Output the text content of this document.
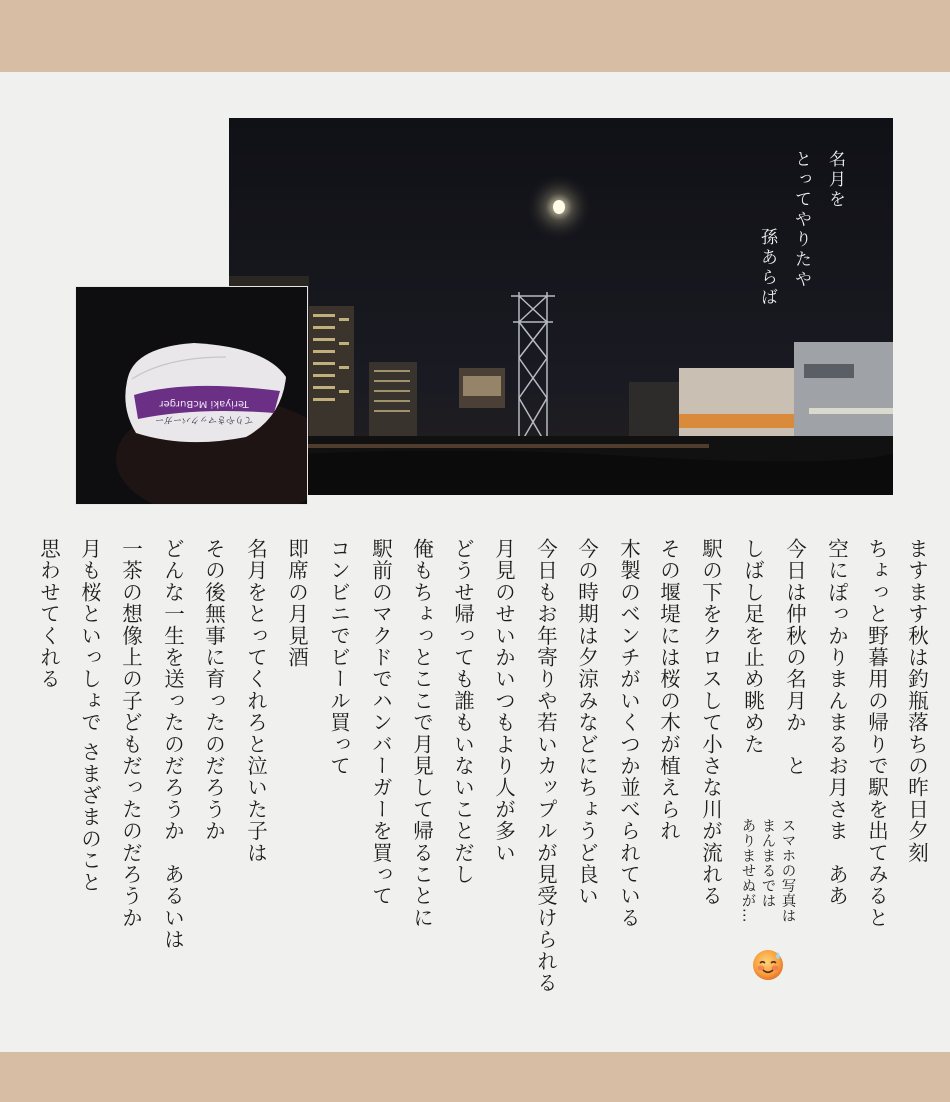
名月を
とってやりたや
孫あらば
Teriyaki McBurger
てりやきマックバーガー
ますます秋は釣瓶落ちの昨日夕刻
ちょっと野暮用の帰りで駅を出てみると
空にぽっかりまんまるお月さま　ああ
今日は仲秋の名月か　と
しばし足を止め眺めた
駅の下をクロスして小さな川が流れる
その堰堤には桜の木が植えられ
木製のベンチがいくつか並べられている
今の時期は夕涼みなどにちょうど良い
今日もお年寄りや若いカップルが見受けられる
月見のせいかいつもより人が多い
どうせ帰っても誰もいないことだし
俺もちょっとここで月見して帰ることに
駅前のマクドでハンバーガーを買って
コンビニでビール買って
即席の月見酒
名月をとってくれろと泣いた子は
その後無事に育ったのだろうか
どんな一生を送ったのだろうか　あるいは
一茶の想像上の子どもだったのだろうか
月も桜といっしょで さまざまのこと
思わせてくれる
スマホの写真は
まんまるでは
ありませぬが…
